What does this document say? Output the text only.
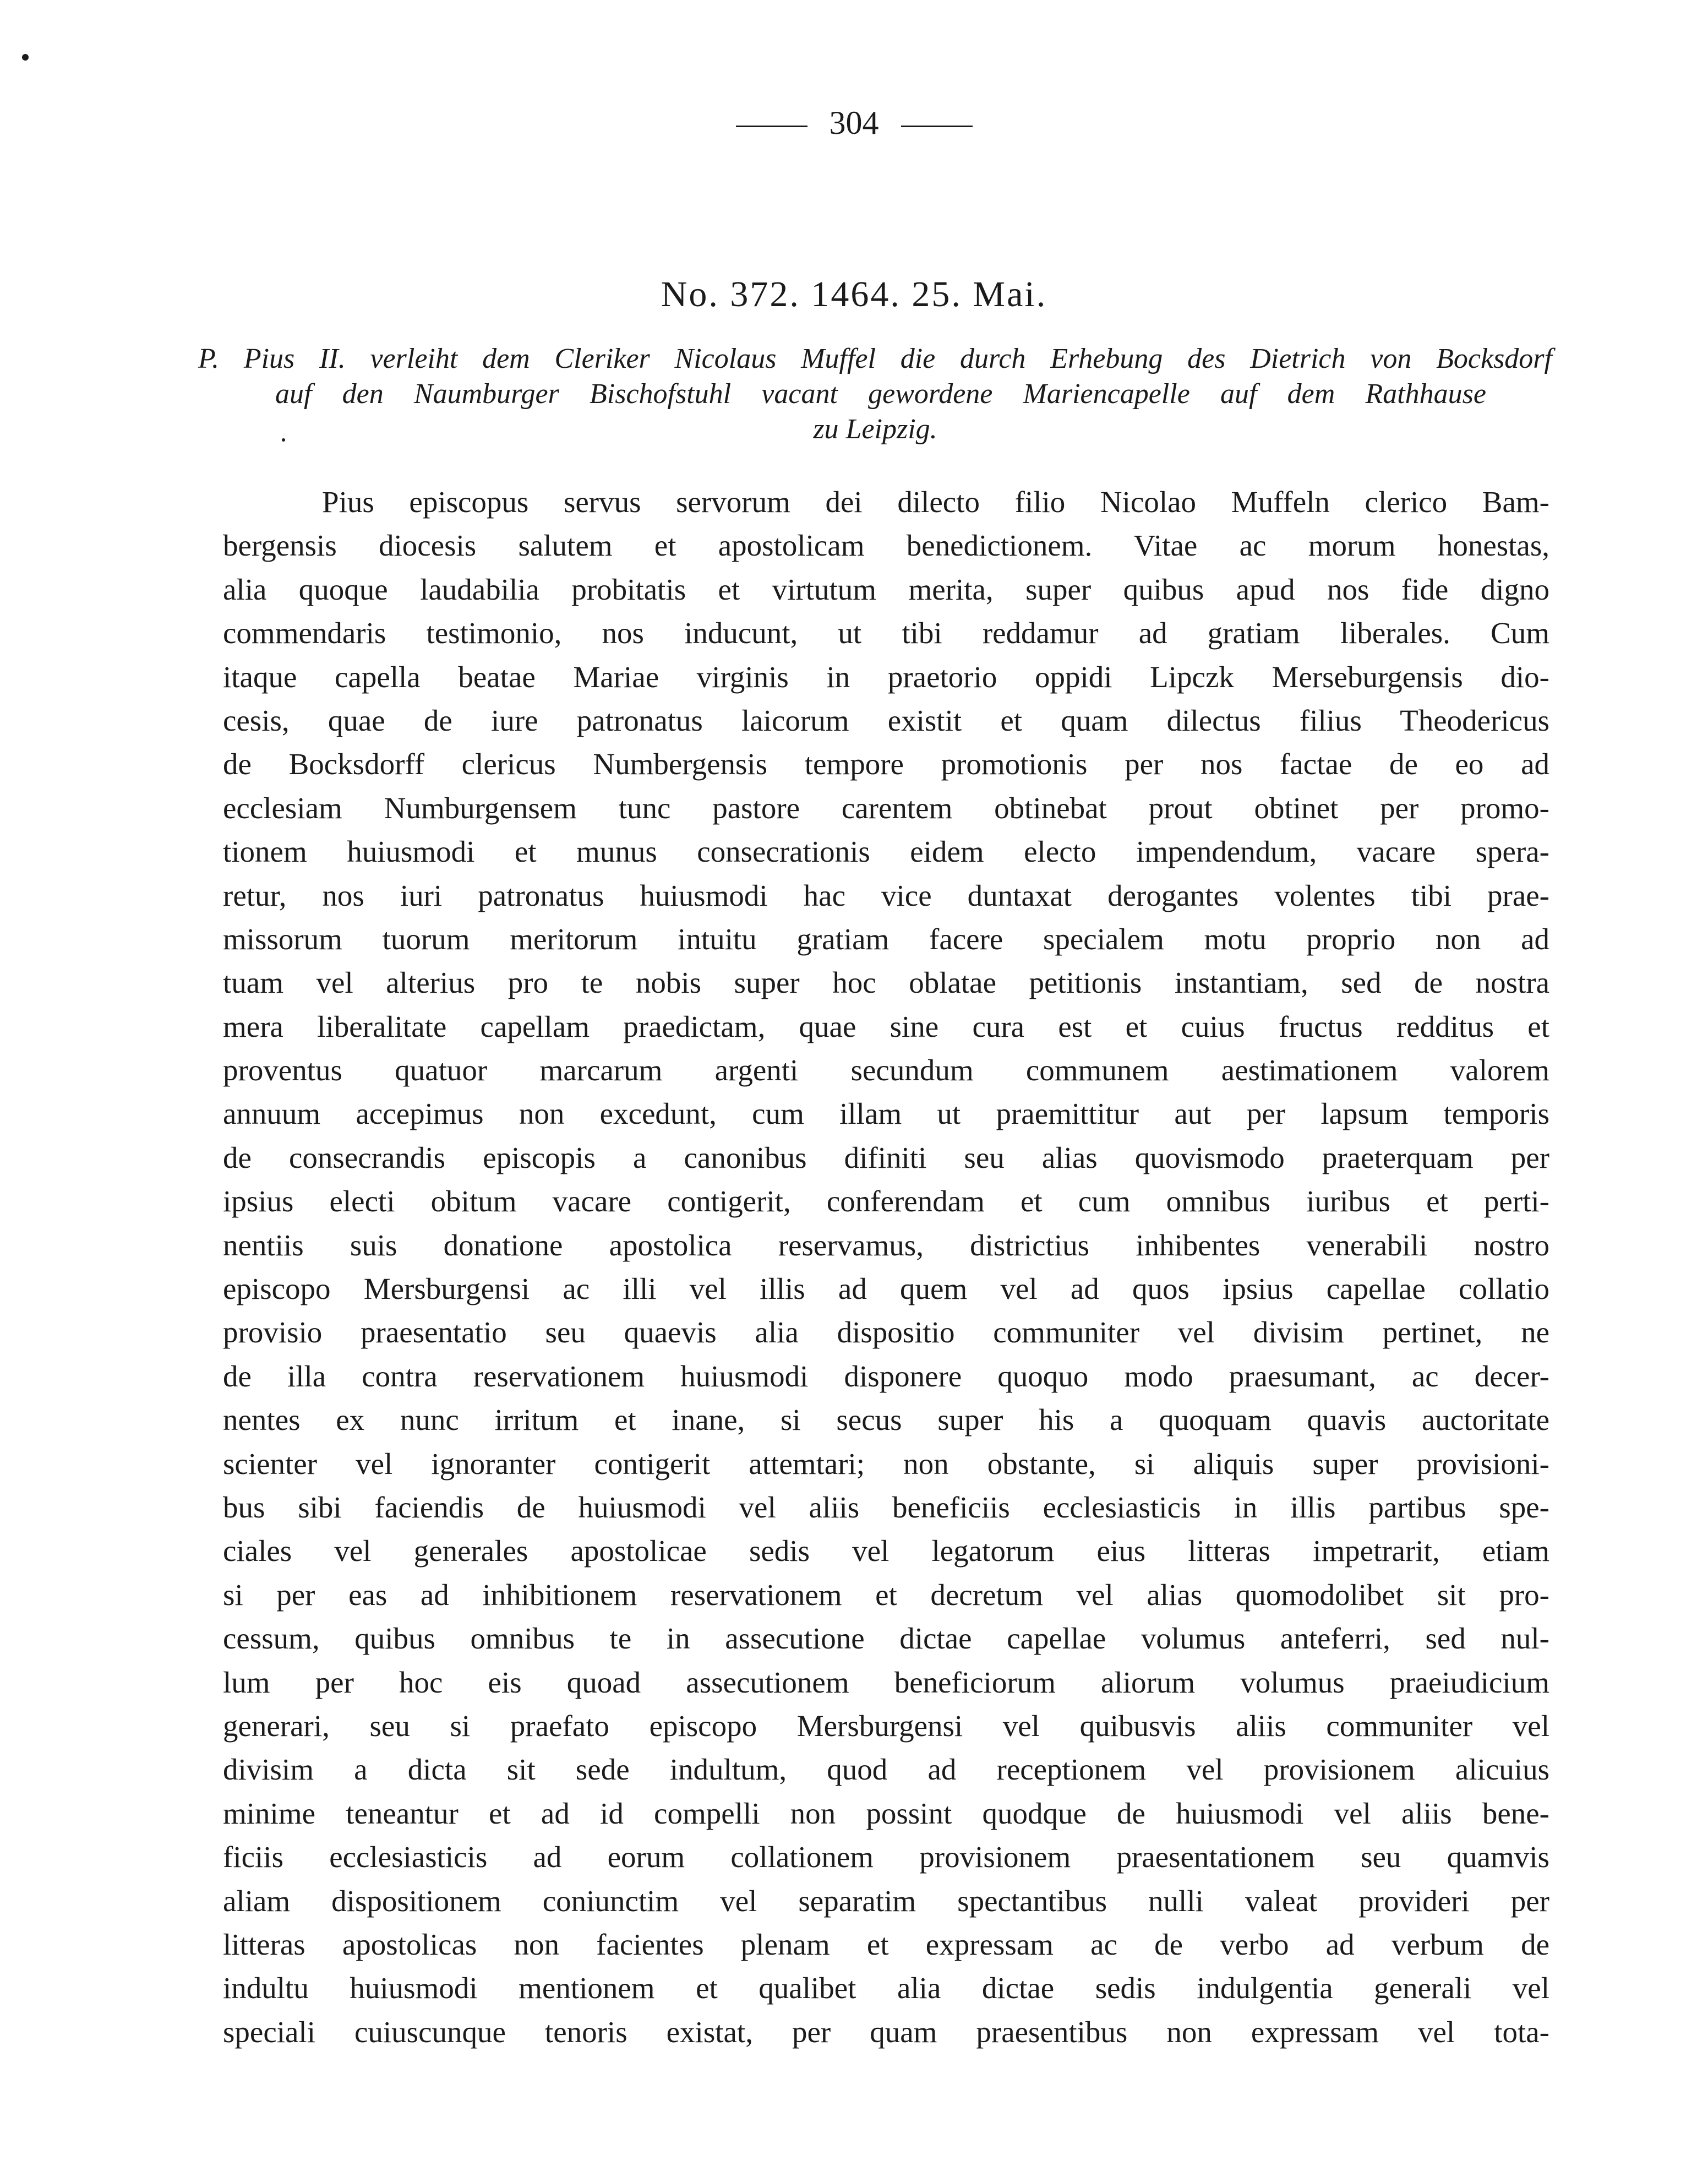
304
No. 372. 1464. 25. Mai.
P. Pius II. verleiht dem Cleriker Nicolaus Muffel die durch Erhebung des Dietrich von Bocksdorf
auf den Naumburger Bischofstuhl vacant gewordene Mariencapelle auf dem Rathhause
zu Leipzig.
Pius episcopus servus servorum dei dilecto filio Nicolao Muffeln clerico Bam-
bergensis diocesis salutem et apostolicam benedictionem. Vitae ac morum honestas,
alia quoque laudabilia probitatis et virtutum merita, super quibus apud nos fide digno
commendaris testimonio, nos inducunt, ut tibi reddamur ad gratiam liberales. Cum
itaque capella beatae Mariae virginis in praetorio oppidi Lipczk Merseburgensis dio-
cesis, quae de iure patronatus laicorum existit et quam dilectus filius Theodericus
de Bocksdorff clericus Numbergensis tempore promotionis per nos factae de eo ad
ecclesiam Numburgensem tunc pastore carentem obtinebat prout obtinet per promo-
tionem huiusmodi et munus consecrationis eidem electo impendendum, vacare spera-
retur, nos iuri patronatus huiusmodi hac vice duntaxat derogantes volentes tibi prae-
missorum tuorum meritorum intuitu gratiam facere specialem motu proprio non ad
tuam vel alterius pro te nobis super hoc oblatae petitionis instantiam, sed de nostra
mera liberalitate capellam praedictam, quae sine cura est et cuius fructus redditus et
proventus quatuor marcarum argenti secundum communem aestimationem valorem
annuum accepimus non excedunt, cum illam ut praemittitur aut per lapsum temporis
de consecrandis episcopis a canonibus difiniti seu alias quovismodo praeterquam per
ipsius electi obitum vacare contigerit, conferendam et cum omnibus iuribus et perti-
nentiis suis donatione apostolica reservamus, districtius inhibentes venerabili nostro
episcopo Mersburgensi ac illi vel illis ad quem vel ad quos ipsius capellae collatio
provisio praesentatio seu quaevis alia dispositio communiter vel divisim pertinet, ne
de illa contra reservationem huiusmodi disponere quoquo modo praesumant, ac decer-
nentes ex nunc irritum et inane, si secus super his a quoquam quavis auctoritate
scienter vel ignoranter contigerit attemtari; non obstante, si aliquis super provisioni-
bus sibi faciendis de huiusmodi vel aliis beneficiis ecclesiasticis in illis partibus spe-
ciales vel generales apostolicae sedis vel legatorum eius litteras impetrarit, etiam
si per eas ad inhibitionem reservationem et decretum vel alias quomodolibet sit pro-
cessum, quibus omnibus te in assecutione dictae capellae volumus anteferri, sed nul-
lum per hoc eis quoad assecutionem beneficiorum aliorum volumus praeiudicium
generari, seu si praefato episcopo Mersburgensi vel quibusvis aliis communiter vel
divisim a dicta sit sede indultum, quod ad receptionem vel provisionem alicuius
minime teneantur et ad id compelli non possint quodque de huiusmodi vel aliis bene-
ficiis ecclesiasticis ad eorum collationem provisionem praesentationem seu quamvis
aliam dispositionem coniunctim vel separatim spectantibus nulli valeat provideri per
litteras apostolicas non facientes plenam et expressam ac de verbo ad verbum de
indultu huiusmodi mentionem et qualibet alia dictae sedis indulgentia generali vel
speciali cuiuscunque tenoris existat, per quam praesentibus non expressam vel tota-
